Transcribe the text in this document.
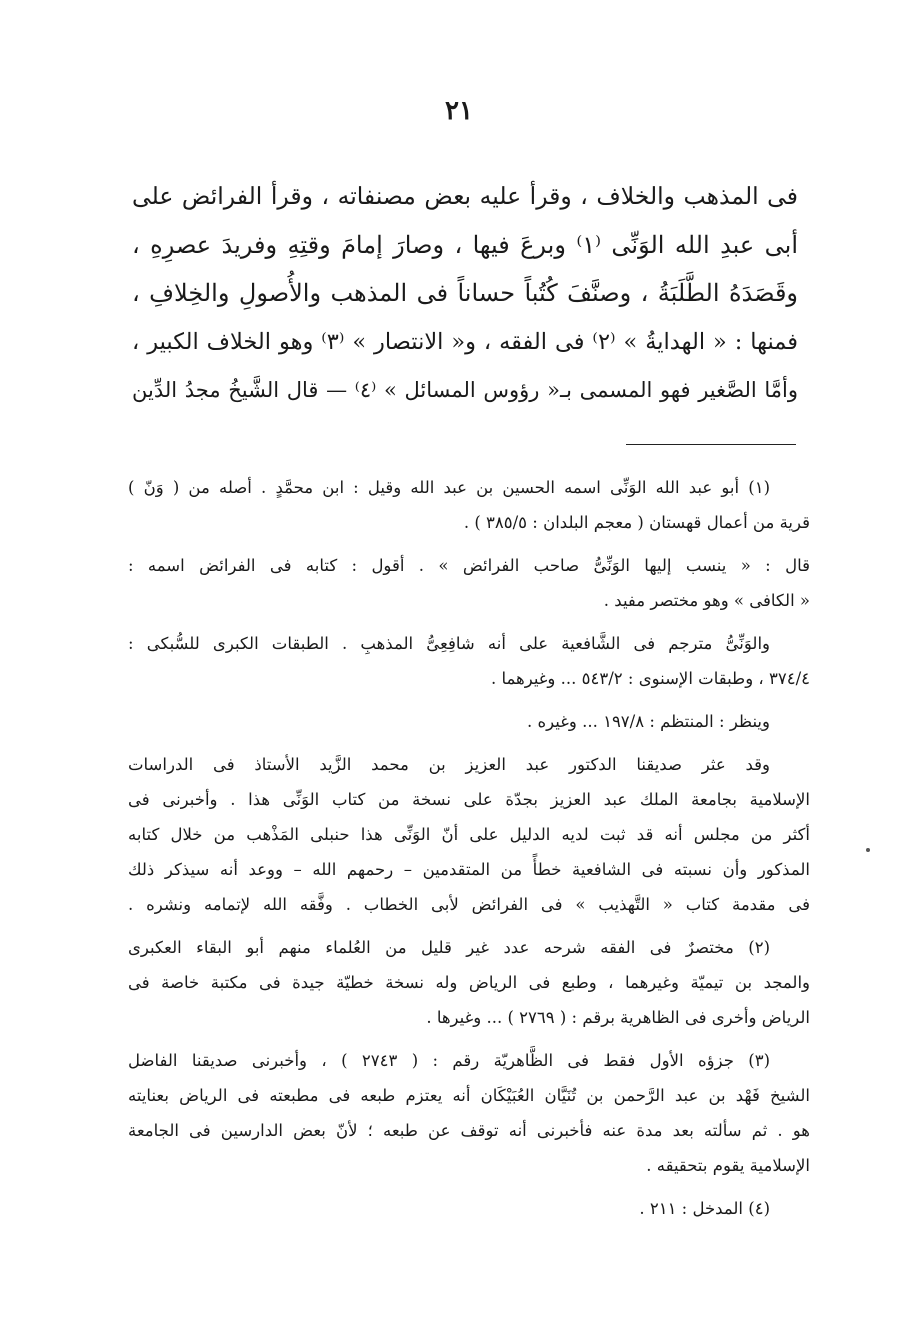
٢١
فى المذهب والخلاف ، وقرأ عليه بعض مصنفاته ، وقرأ الفرائض على
أبى عبدِ الله الوَنِّى ⁽١⁾ وبرعَ فيها ، وصارَ إمامَ وقتِهِ وفريدَ عصرِهِ ،
وقَصَدَهُ الطَّلَبَةُ ، وصنَّفَ كُتُباً حساناً فى المذهب والأُصولِ والخِلافِ ،
فمنها : « الهدايةُ » ⁽٢⁾ فى الفقه ، و« الانتصار » ⁽٣⁾ وهو الخلاف الكبير ،
وأمَّا الصَّغير فهو المسمى بـ« رؤوس المسائل » ⁽٤⁾ — قال الشَّيخُ مجدُ الدِّين
(١) أبو عبد الله الوَنِّى اسمه الحسين بن عبد الله وقيل : ابن محمَّدٍ . أصله من ( وَنّ )
قرية من أعمال قهستان ( معجم البلدان : ٣٨٥/٥ ) .
قال : « ينسب إليها الوَنِّىُّ صاحب الفرائض » . أقول : كتابه فى الفرائض اسمه :
« الكافى » وهو مختصر مفيد .
والوَنِّىُّ مترجم فى الشَّافعية على أنه شافِعِىُّ المذهبِ . الطبقات الكبرى للسُّبكى :
٣٧٤/٤ ، وطبقات الإسنوى : ٥٤٣/٢ ... وغيرهما .
وينظر : المنتظم : ١٩٧/٨ ... وغيره .
وقد عثر صديقنا الدكتور عبد العزيز بن محمد الزَّيد الأستاذ فى الدراسات
الإسلامية بجامعة الملك عبد العزيز بجدّة على نسخة من كتاب الوَنِّى هذا . وأخبرنى فى
أكثر من مجلس أنه قد ثبت لديه الدليل على أنّ الوَنِّى هذا حنبلى المَذْهب من خلال كتابه
المذكور وأن نسبته فى الشافعية خطأً من المتقدمين – رحمهم الله – ووعد أنه سيذكر ذلك
فى مقدمة كتاب « التَّهذيب » فى الفرائض لأبى الخطاب . وفَّقه الله لإتمامه ونشره .
(٢) مختصرٌ فى الفقه شرحه عدد غير قليل من العُلماء منهم أبو البقاء العكبرى
والمجد بن تيميّة وغيرهما ، وطبع فى الرياض وله نسخة خطيّة جيدة فى مكتبة خاصة فى
الرياض وأخرى فى الظاهرية برقم : ( ٢٧٦٩ ) ... وغيرها .
(٣) جزؤه الأول فقط فى الظَّاهريّة رقم : ( ٢٧٤٣ ) ، وأخبرنى صديقنا الفاضل
الشيخ فَهْد بن عبد الرَّحمن بن تُنَيَّان العُبَيْكَان أنه يعتزم طبعه فى مطبعته فى الرياض بعنايته
هو . ثم سألته بعد مدة عنه فأخبرنى أنه توقف عن طبعه ؛ لأنّ بعض الدارسين فى الجامعة
الإسلامية يقوم بتحقيقه .
(٤) المدخل : ٢١١ .
